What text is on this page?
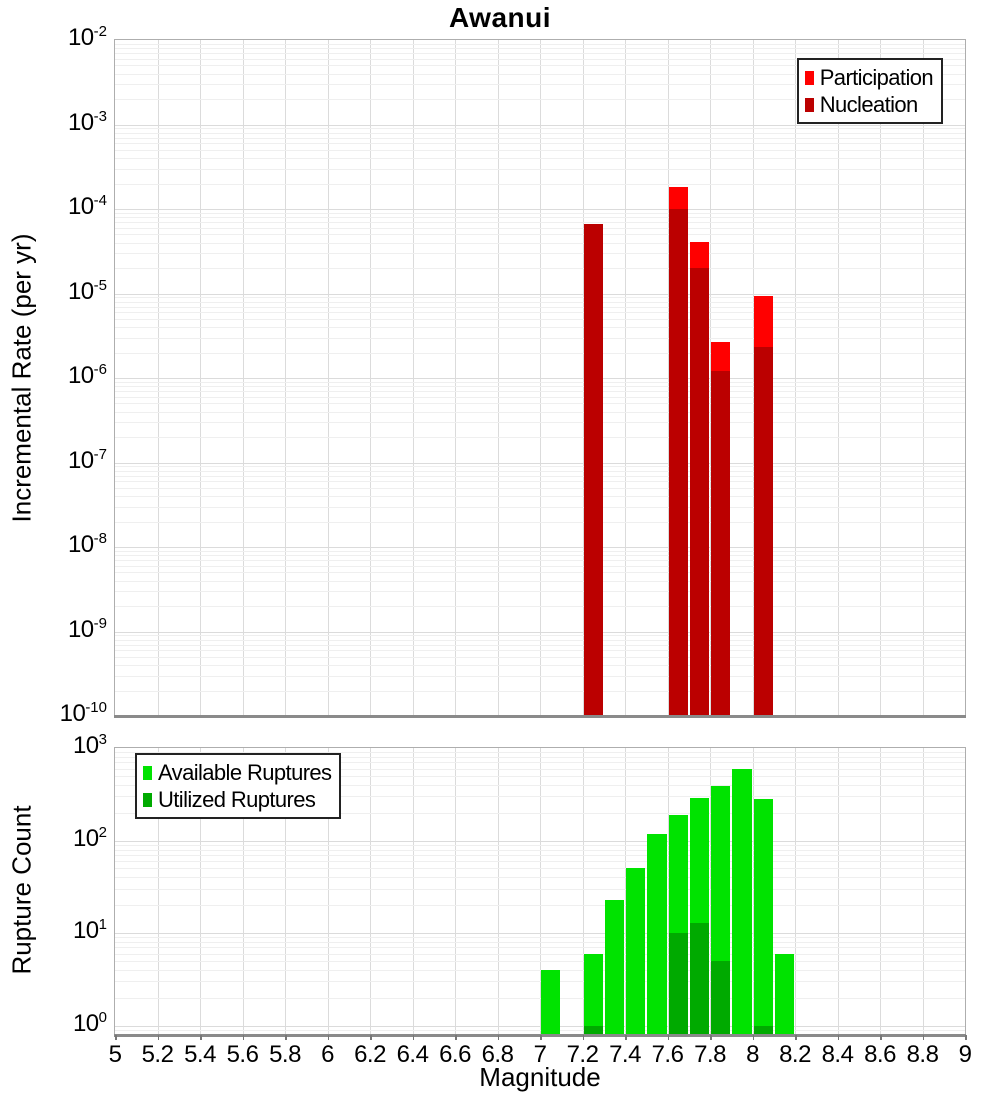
$10^{-2}$
$10^{-3}$
$10^{-4}$
$10^{-5}$
$10^{-6}$
$10^{-7}$
$10^{-8}$
$10^{-9}$
$10^{-10}$
$10^3$
$10^2$
$10^1$
$10^0$
5 5.2 5.4 5.6 5.8 6 6.2 6.4 6.6 6.8 7 7.2 7.4 7.6 7.8 8 8.2 8.4 8.6 8.8 9
Awanui
Incremental Rate (per yr)
Rupture Count
Magnitude
Participation
Nucleation
Available Ruptures
Utilized Ruptures
